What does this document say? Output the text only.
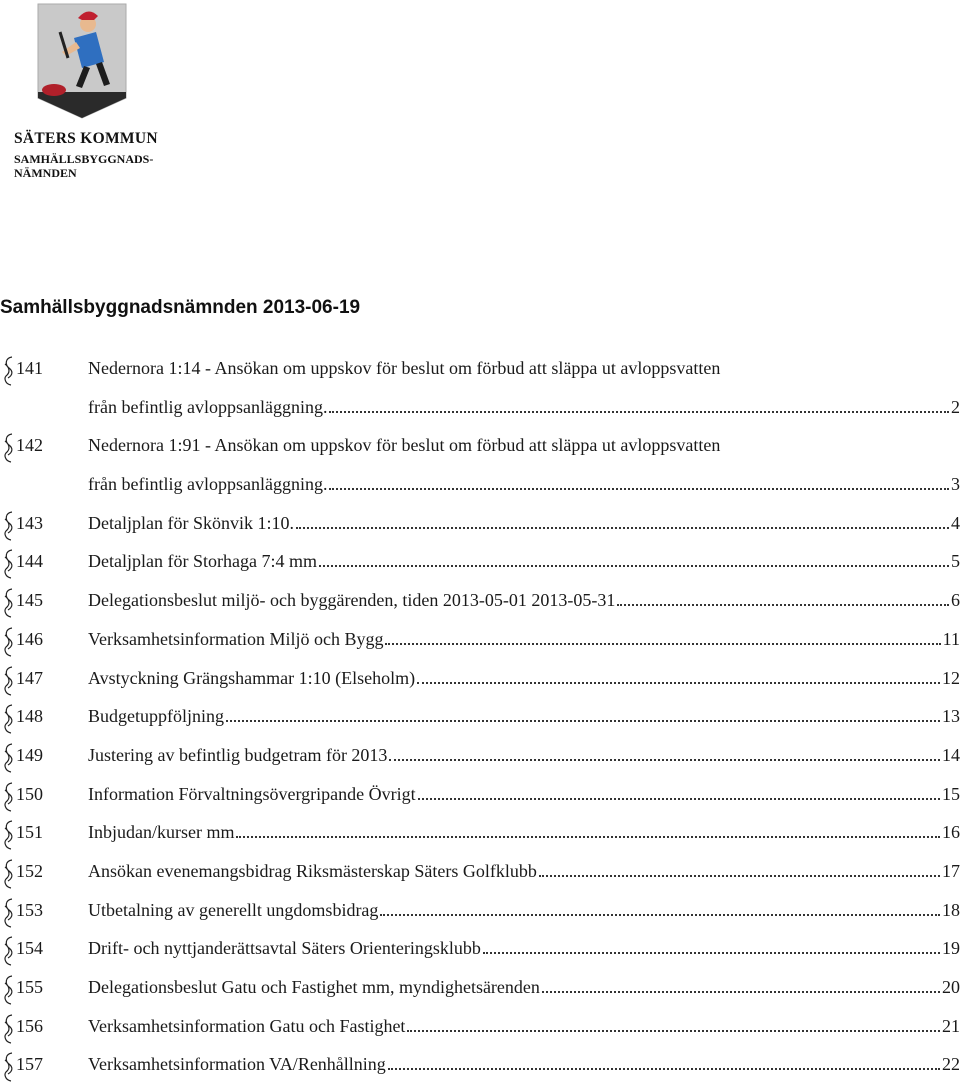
SÄTERS KOMMUN
SAMHÄLLSBYGGNADS-
NÄMNDEN
Samhällsbyggnadsnämnden 2013-06-19
141	Nedernora 1:14 - Ansökan om uppskov för beslut om förbud att släppa ut avloppsvatten
från befintlig avloppsanläggning.	2
142	Nedernora 1:91 - Ansökan om uppskov för beslut om förbud att släppa ut avloppsvatten
från befintlig avloppsanläggning.	3
143	Detaljplan för Skönvik 1:10.	4
144	Detaljplan för Storhaga 7:4 mm	5
145	Delegationsbeslut miljö- och byggärenden, tiden 2013-05-01 2013-05-31	6
146	Verksamhetsinformation Miljö och Bygg	11
147	Avstyckning Grängshammar 1:10 (Elseholm)	12
148	Budgetuppföljning	13
149	Justering av befintlig budgetram för 2013	14
150	Information Förvaltningsövergripande Övrigt	15
151	Inbjudan/kurser mm	16
152	Ansökan evenemangsbidrag Riksmästerskap Säters Golfklubb	17
153	Utbetalning av generellt ungdomsbidrag	18
154	Drift- och nyttjanderättsavtal Säters Orienteringsklubb	19
155	Delegationsbeslut Gatu och Fastighet mm, myndighetsärenden	20
156	Verksamhetsinformation Gatu och Fastighet	21
157	Verksamhetsinformation VA/Renhållning	22
